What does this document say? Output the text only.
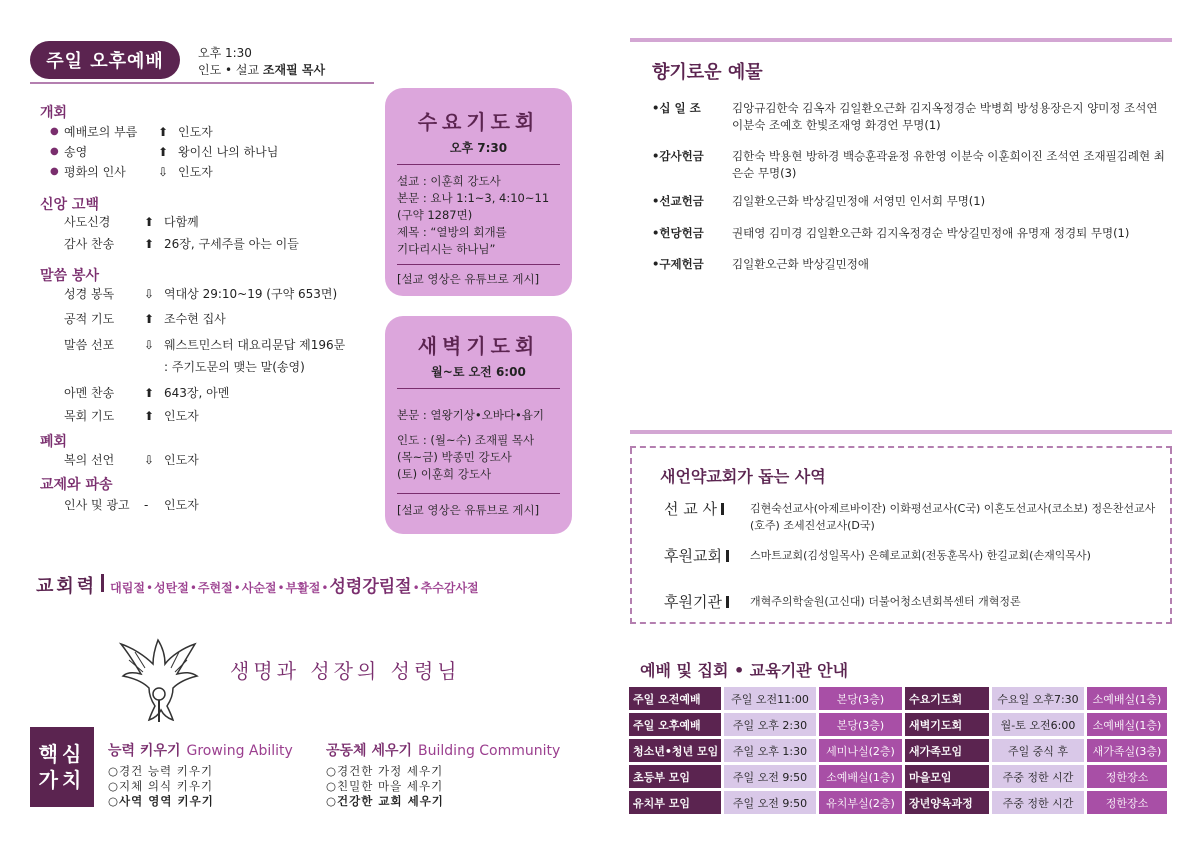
주일 오후예배	오후 1:30
인도 • 설교 조재필 목사
개회
● 예배로의 부름	⬆ 인도자
● 송영	⬆ 왕이신 나의 하나님
● 평화의 인사	⇩ 인도자
신앙 고백
사도신경	⬆ 다함께
감사 찬송	⬆ 26장, 구세주를 아는 이들
말씀 봉사
성경 봉독	⇩ 역대상 29:10~19 (구약 653면)
공적 기도	⬆ 조수현 집사
말씀 선포	⇩ 웨스트민스터 대요리문답 제196문
: 주기도문의 맺는 말(송영)
아멘 찬송	⬆ 643장, 아멘
목회 기도	⬆ 인도자
폐회
복의 선언	⇩ 인도자
교제와 파송
인사 및 광고	-	인도자
수요기도회
오후 7:30
설교 : 이훈희 강도사
본문 : 요나 1:1~3, 4:10~11
(구약 1287면)
제목 : “열방의 회개를
기다리시는 하나님”
[설교 영상은 유튜브로 게시]
새벽기도회
월~토 오전 6:00
본문 : 열왕기상•오바다•욥기
인도 : (월~수) 조재필 목사
(목~금) 박종민 강도사
(토) 이훈희 강도사
[설교 영상은 유튜브로 게시]
교회력 대림절 • 성탄절 • 주현절 • 사순절 • 부활절 • 성령강림절 • 추수감사절
생명과 성장의 성령님
핵심
가치
능력 키우기 Growing Ability
○경건 능력 키우기
○지체 의식 키우기
○사역 영역 키우기
공동체 세우기 Building Community
○경건한 가정 세우기
○친밀한 마을 세우기
○건강한 교회 세우기
향기로운 예물
•십 일 조	김앙규김한숙 김옥자 김일환오근화 김지옥정경순 박병희 방성용장은지 양미정 조석연 이분숙 조예호 한빛조재영 화경언 무명(1)
•감사헌금	김한숙 박용현 방하경 백승훈곽윤정 유한영 이분숙 이훈희이진 조석연 조재필김례현 최은순 무명(3)
•선교헌금	김일환오근화 박상길민정애 서영민 인서희 무명(1)
•헌당헌금	권태영 김미경 김일환오근화 김지옥정경순 박상길민정애 유명재 정경퇴 무명(1)
•구제헌금	김일환오근화 박상길민정애
새언약교회가 돕는 사역
선 교 사	김현숙선교사(아제르바이잔) 이화평선교사(C국) 이혼도선교사(코소보) 정은찬선교사(호주) 조세진선교사(D국)
후원교회	스마트교회(김성일목사) 은혜로교회(전동훈목사) 한길교회(손재익목사)
후원기관	개혁주의학술원(고신대) 더불어청소년회복센터 개혁정론
예배 및 집회 • 교육기관 안내
주일 오전예배	주일 오전11:00	본당(3층)	수요기도회	수요일 오후7:30	소예배실(1층)
주일 오후예배	주일 오후 2:30	본당(3층)	새벽기도회	월-토 오전6:00	소예배실(1층)
청소년•청년 모임	주일 오후 1:30	세미나실(2층)	새가족모임	주일 중식 후	새가족실(3층)
초등부 모임	주일 오전 9:50	소예배실(1층)	마을모임	주중 정한 시간	정한장소
유치부 모임	주일 오전 9:50	유치부실(2층)	장년양육과정	주중 정한 시간	정한장소
